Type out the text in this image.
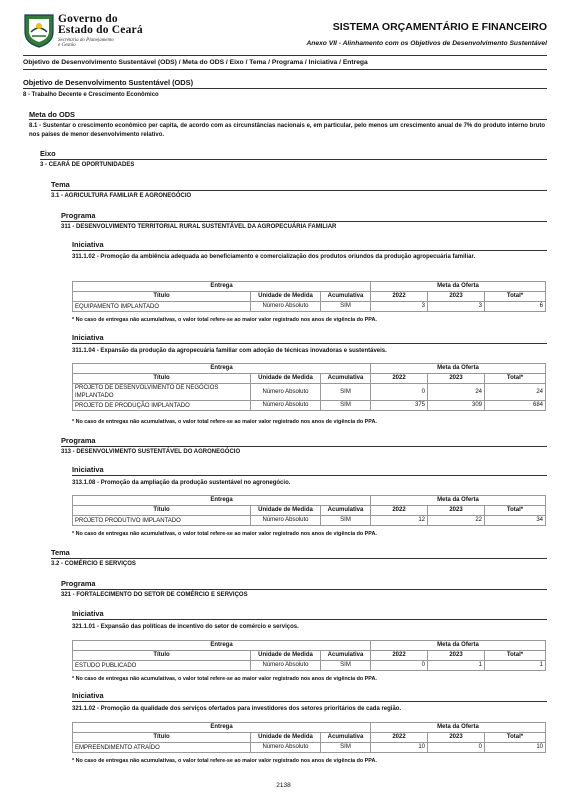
Governo do
Estado do Ceará
Secretaria do Planejamento
e Gestão
SISTEMA ORÇAMENTÁRIO E FINANCEIRO
Anexo VII - Alinhamento com os Objetivos de Desenvolvimento Sustentável
Objetivo de Desenvolvimento Sustentável (ODS) / Meta do ODS / Eixo / Tema / Programa / Iniciativa / Entrega
Objetivo de Desenvolvimento Sustentável (ODS)
8 - Trabalho Decente e Crescimento Econômico
Meta do ODS
8.1 - Sustentar o crescimento econômico per capita, de acordo com as circunstâncias nacionais e, em particular, pelo menos um crescimento anual de 7% do produto interno bruto nos países de menor desenvolvimento relativo.
Eixo
3 - CEARÁ DE OPORTUNIDADES
Tema
3.1 - AGRICULTURA FAMILIAR E AGRONEGÓCIO
Programa
311 - DESENVOLVIMENTO TERRITORIAL RURAL SUSTENTÁVEL DA AGROPECUÁRIA FAMILIAR
Iniciativa
311.1.02 - Promoção da ambiência adequada ao beneficiamento e comercialização dos produtos oriundos da produção agropecuária familiar.
Entrega			Meta da Oferta		
Título	Unidade de Medida	Acumulativa	2022	2023	Total*
EQUIPAMENTO IMPLANTADO	Número Absoluto	SIM	3	3	6
* No caso de entregas não acumulativas, o valor total refere-se ao maior valor registrado nos anos de vigência do PPA.
Iniciativa
311.1.04 - Expansão da produção da agropecuária familiar com adoção de técnicas inovadoras e sustentáveis.
Entrega			Meta da Oferta		
Título	Unidade de Medida	Acumulativa	2022	2023	Total*
PROJETO DE DESENVOLVIMENTO DE NEGÓCIOS IMPLANTADO	Número Absoluto	SIM	0	24	24
PROJETO DE PRODUÇÃO IMPLANTADO	Número Absoluto	SIM	375	309	684
* No caso de entregas não acumulativas, o valor total refere-se ao maior valor registrado nos anos de vigência do PPA.
Programa
313 - DESENVOLVIMENTO SUSTENTÁVEL DO AGRONEGÓCIO
Iniciativa
313.1.08 - Promoção da ampliação da produção sustentável no agronegócio.
Entrega			Meta da Oferta		
Título	Unidade de Medida	Acumulativa	2022	2023	Total*
PROJETO PRODUTIVO IMPLANTADO	Número Absoluto	SIM	12	22	34
* No caso de entregas não acumulativas, o valor total refere-se ao maior valor registrado nos anos de vigência do PPA.
Tema
3.2 - COMÉRCIO E SERVIÇOS
Programa
321 - FORTALECIMENTO DO SETOR DE COMÉRCIO E SERVIÇOS
Iniciativa
321.1.01 - Expansão das políticas de incentivo do setor de comércio e serviços.
Entrega			Meta da Oferta		
Título	Unidade de Medida	Acumulativa	2022	2023	Total*
ESTUDO PUBLICADO	Número Absoluto	SIM	0	1	1
* No caso de entregas não acumulativas, o valor total refere-se ao maior valor registrado nos anos de vigência do PPA.
Iniciativa
321.1.02 - Promoção da qualidade dos serviços ofertados para investidores dos setores prioritários de cada região.
Entrega			Meta da Oferta		
Título	Unidade de Medida	Acumulativa	2022	2023	Total*
EMPREENDIMENTO ATRAÍDO	Número Absoluto	SIM	10	0	10
* No caso de entregas não acumulativas, o valor total refere-se ao maior valor registrado nos anos de vigência do PPA.
2138
